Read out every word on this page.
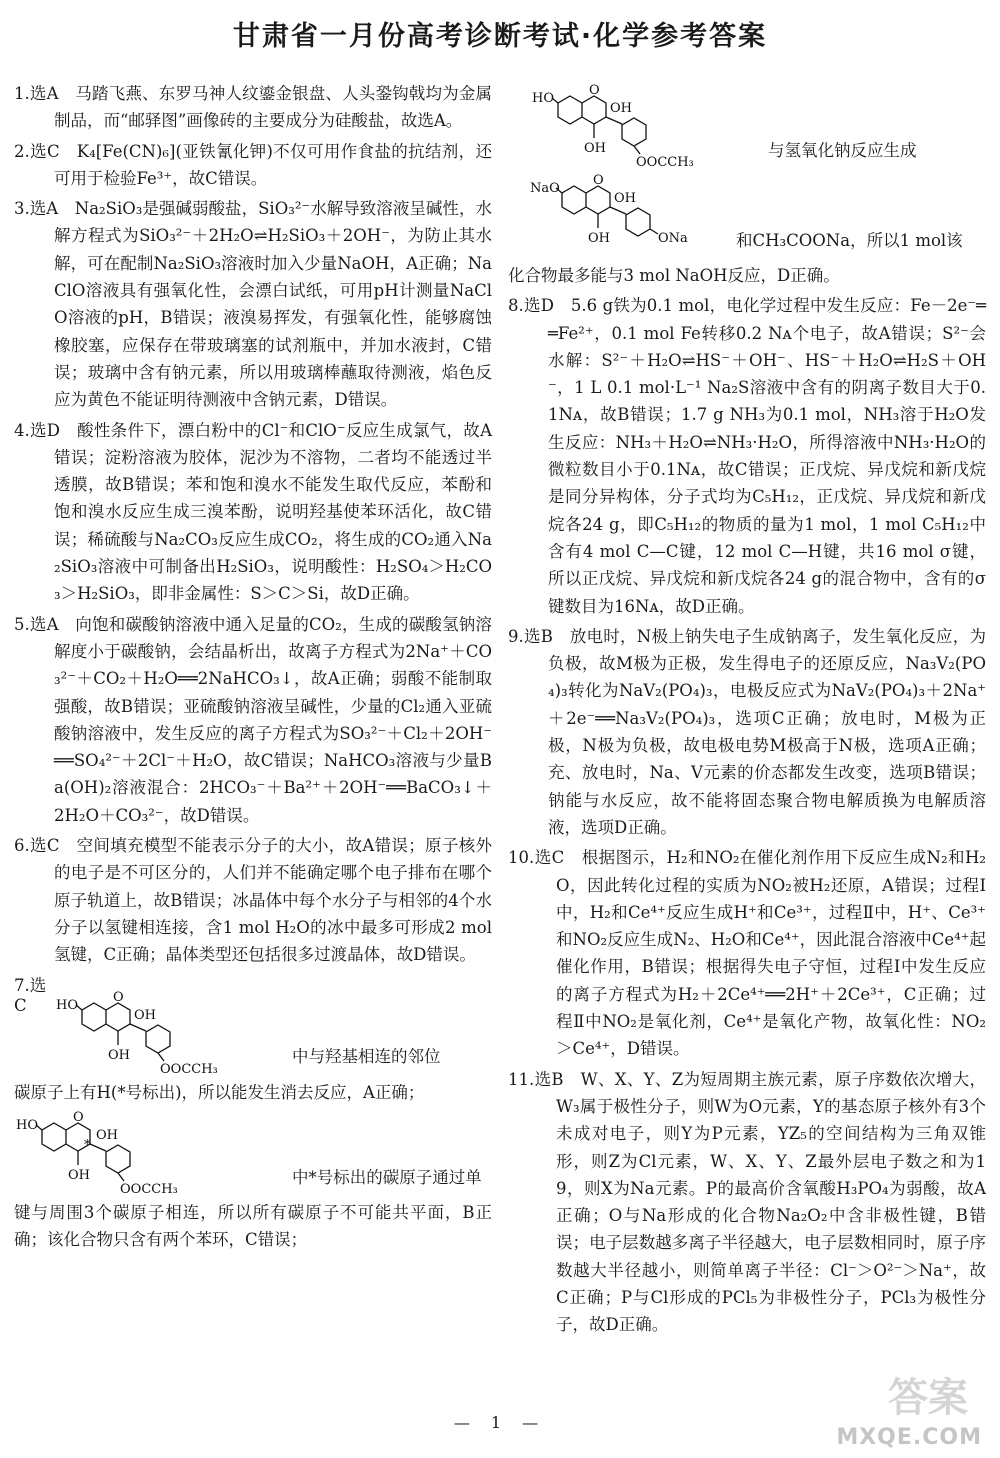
甘肃省一月份高考诊断考试·化学参考答案

1.选A　马踏飞燕、东罗马神人纹鎏金银盘、人头銎钩戟均为金属制品，而“邮驿图”画像砖的主要成分为硅酸盐，故选A。

2.选C　K₄[Fe(CN)₆](亚铁氰化钾)不仅可用作食盐的抗结剂，还可用于检验Fe³⁺，故C错误。

3.选A　Na₂SiO₃是强碱弱酸盐，SiO₃²⁻水解导致溶液呈碱性，水解方程式为SiO₃²⁻＋2H₂O⇌H₂SiO₃＋2OH⁻，为防止其水解，可在配制Na₂SiO₃溶液时加入少量NaOH，A正确；NaClO溶液具有强氧化性，会漂白试纸，可用pH计测量NaClO溶液的pH，B错误；液溴易挥发，有强氧化性，能够腐蚀橡胶塞，应保存在带玻璃塞的试剂瓶中，并加水液封，C错误；玻璃中含有钠元素，所以用玻璃棒蘸取待测液，焰色反应为黄色不能证明待测液中含钠元素，D错误。

4.选D　酸性条件下，漂白粉中的Cl⁻和ClO⁻反应生成氯气，故A错误；淀粉溶液为胶体，泥沙为不溶物，二者均不能透过半透膜，故B错误；苯和饱和溴水不能发生取代反应，苯酚和饱和溴水反应生成三溴苯酚，说明羟基使苯环活化，故C错误；稀硫酸与Na₂CO₃反应生成CO₂，将生成的CO₂通入Na₂SiO₃溶液中可制备出H₂SiO₃，说明酸性：H₂SO₄＞H₂CO₃＞H₂SiO₃，即非金属性：S＞C＞Si，故D正确。

5.选A　向饱和碳酸钠溶液中通入足量的CO₂，生成的碳酸氢钠溶解度小于碳酸钠，会结晶析出，故离子方程式为2Na⁺＋CO₃²⁻＋CO₂＋H₂O══2NaHCO₃↓，故A正确；弱酸不能制取强酸，故B错误；亚硫酸钠溶液呈碱性，少量的Cl₂通入亚硫酸钠溶液中，发生反应的离子方程式为SO₃²⁻＋Cl₂＋2OH⁻══SO₄²⁻＋2Cl⁻＋H₂O，故C错误；NaHCO₃溶液与少量Ba(OH)₂溶液混合：2HCO₃⁻＋Ba²⁺＋2OH⁻══BaCO₃↓＋2H₂O＋CO₃²⁻，故D错误。

6.选C　空间填充模型不能表示分子的大小，故A错误；原子核外的电子是不可区分的，人们并不能确定哪个电子排布在哪个原子轨道上，故B错误；冰晶体中每个水分子与相邻的4个水分子以氢键相连接，含1 mol H₂O的冰中最多可形成2 mol氢键，C正确；晶体类型还包括很多过渡晶体，故D错误。

7.选C	HO
O
OH
OH
OOCCH₃
中与羟基相连的邻位

碳原子上有H(*号标出)，所以能发生消去反应，A正确；

HO
O
*
OH
OH
OOCCH₃
中*号标出的碳原子通过单

键与周围3个碳原子相连，所以所有碳原子不可能共平面，B正确；该化合物只含有两个苯环，C错误；

HO
O
OH
OH
OOCCH₃
与氢氧化钠反应生成
NaO
O
OH
OH	ONa	和CH₃COONa，所以1 mol该

化合物最多能与3 mol NaOH反应，D正确。

8.选D　5.6 g铁为0.1 mol，电化学过程中发生反应：Fe－2e⁻══Fe²⁺，0.1 mol Fe转移0.2 Nᴀ个电子，故A错误；S²⁻会水解：S²⁻＋H₂O⇌HS⁻＋OH⁻、HS⁻＋H₂O⇌H₂S＋OH⁻，1 L 0.1 mol·L⁻¹ Na₂S溶液中含有的阴离子数目大于0.1Nᴀ，故B错误；1.7 g NH₃为0.1 mol，NH₃溶于H₂O发生反应：NH₃＋H₂O⇌NH₃·H₂O，所得溶液中NH₃·H₂O的微粒数目小于0.1Nᴀ，故C错误；正戊烷、异戊烷和新戊烷是同分异构体，分子式均为C₅H₁₂，正戊烷、异戊烷和新戊烷各24 g，即C₅H₁₂的物质的量为1 mol，1 mol C₅H₁₂中含有4 mol C—C键，12 mol C—H键，共16 mol σ键，所以正戊烷、异戊烷和新戊烷各24 g的混合物中，含有的σ键数目为16Nᴀ，故D正确。

9.选B　放电时，N极上钠失电子生成钠离子，发生氧化反应，为负极，故M极为正极，发生得电子的还原反应，Na₃V₂(PO₄)₃转化为NaV₂(PO₄)₃，电极反应式为NaV₂(PO₄)₃＋2Na⁺＋2e⁻══Na₃V₂(PO₄)₃，选项C正确；放电时，M极为正极，N极为负极，故电极电势M极高于N极，选项A正确；充、放电时，Na、V元素的价态都发生改变，选项B错误；钠能与水反应，故不能将固态聚合物电解质换为电解质溶液，选项D正确。

10.选C　根据图示，H₂和NO₂在催化剂作用下反应生成N₂和H₂O，因此转化过程的实质为NO₂被H₂还原，A错误；过程Ⅰ中，H₂和Ce⁴⁺反应生成H⁺和Ce³⁺，过程Ⅱ中，H⁺、Ce³⁺和NO₂反应生成N₂、H₂O和Ce⁴⁺，因此混合溶液中Ce⁴⁺起催化作用，B错误；根据得失电子守恒，过程Ⅰ中发生反应的离子方程式为H₂＋2Ce⁴⁺══2H⁺＋2Ce³⁺，C正确；过程Ⅱ中NO₂是氧化剂，Ce⁴⁺是氧化产物，故氧化性：NO₂＞Ce⁴⁺，D错误。

11.选B　W、X、Y、Z为短周期主族元素，原子序数依次增大，W₃属于极性分子，则W为O元素，Y的基态原子核外有3个未成对电子，则Y为P元素，YZ₅的空间结构为三角双锥形，则Z为Cl元素，W、X、Y、Z最外层电子数之和为19，则X为Na元素。P的最高价含氧酸H₃PO₄为弱酸，故A正确；O与Na形成的化合物Na₂O₂中含非极性键，B错误；电子层数越多离子半径越大，电子层数相同时，原子序数越大半径越小，则简单离子半径：Cl⁻＞O²⁻＞Na⁺，故C正确；P与Cl形成的PCl₅为非极性分子，PCl₃为极性分子，故D正确。

— 1 —
答案
MXQE.COM
